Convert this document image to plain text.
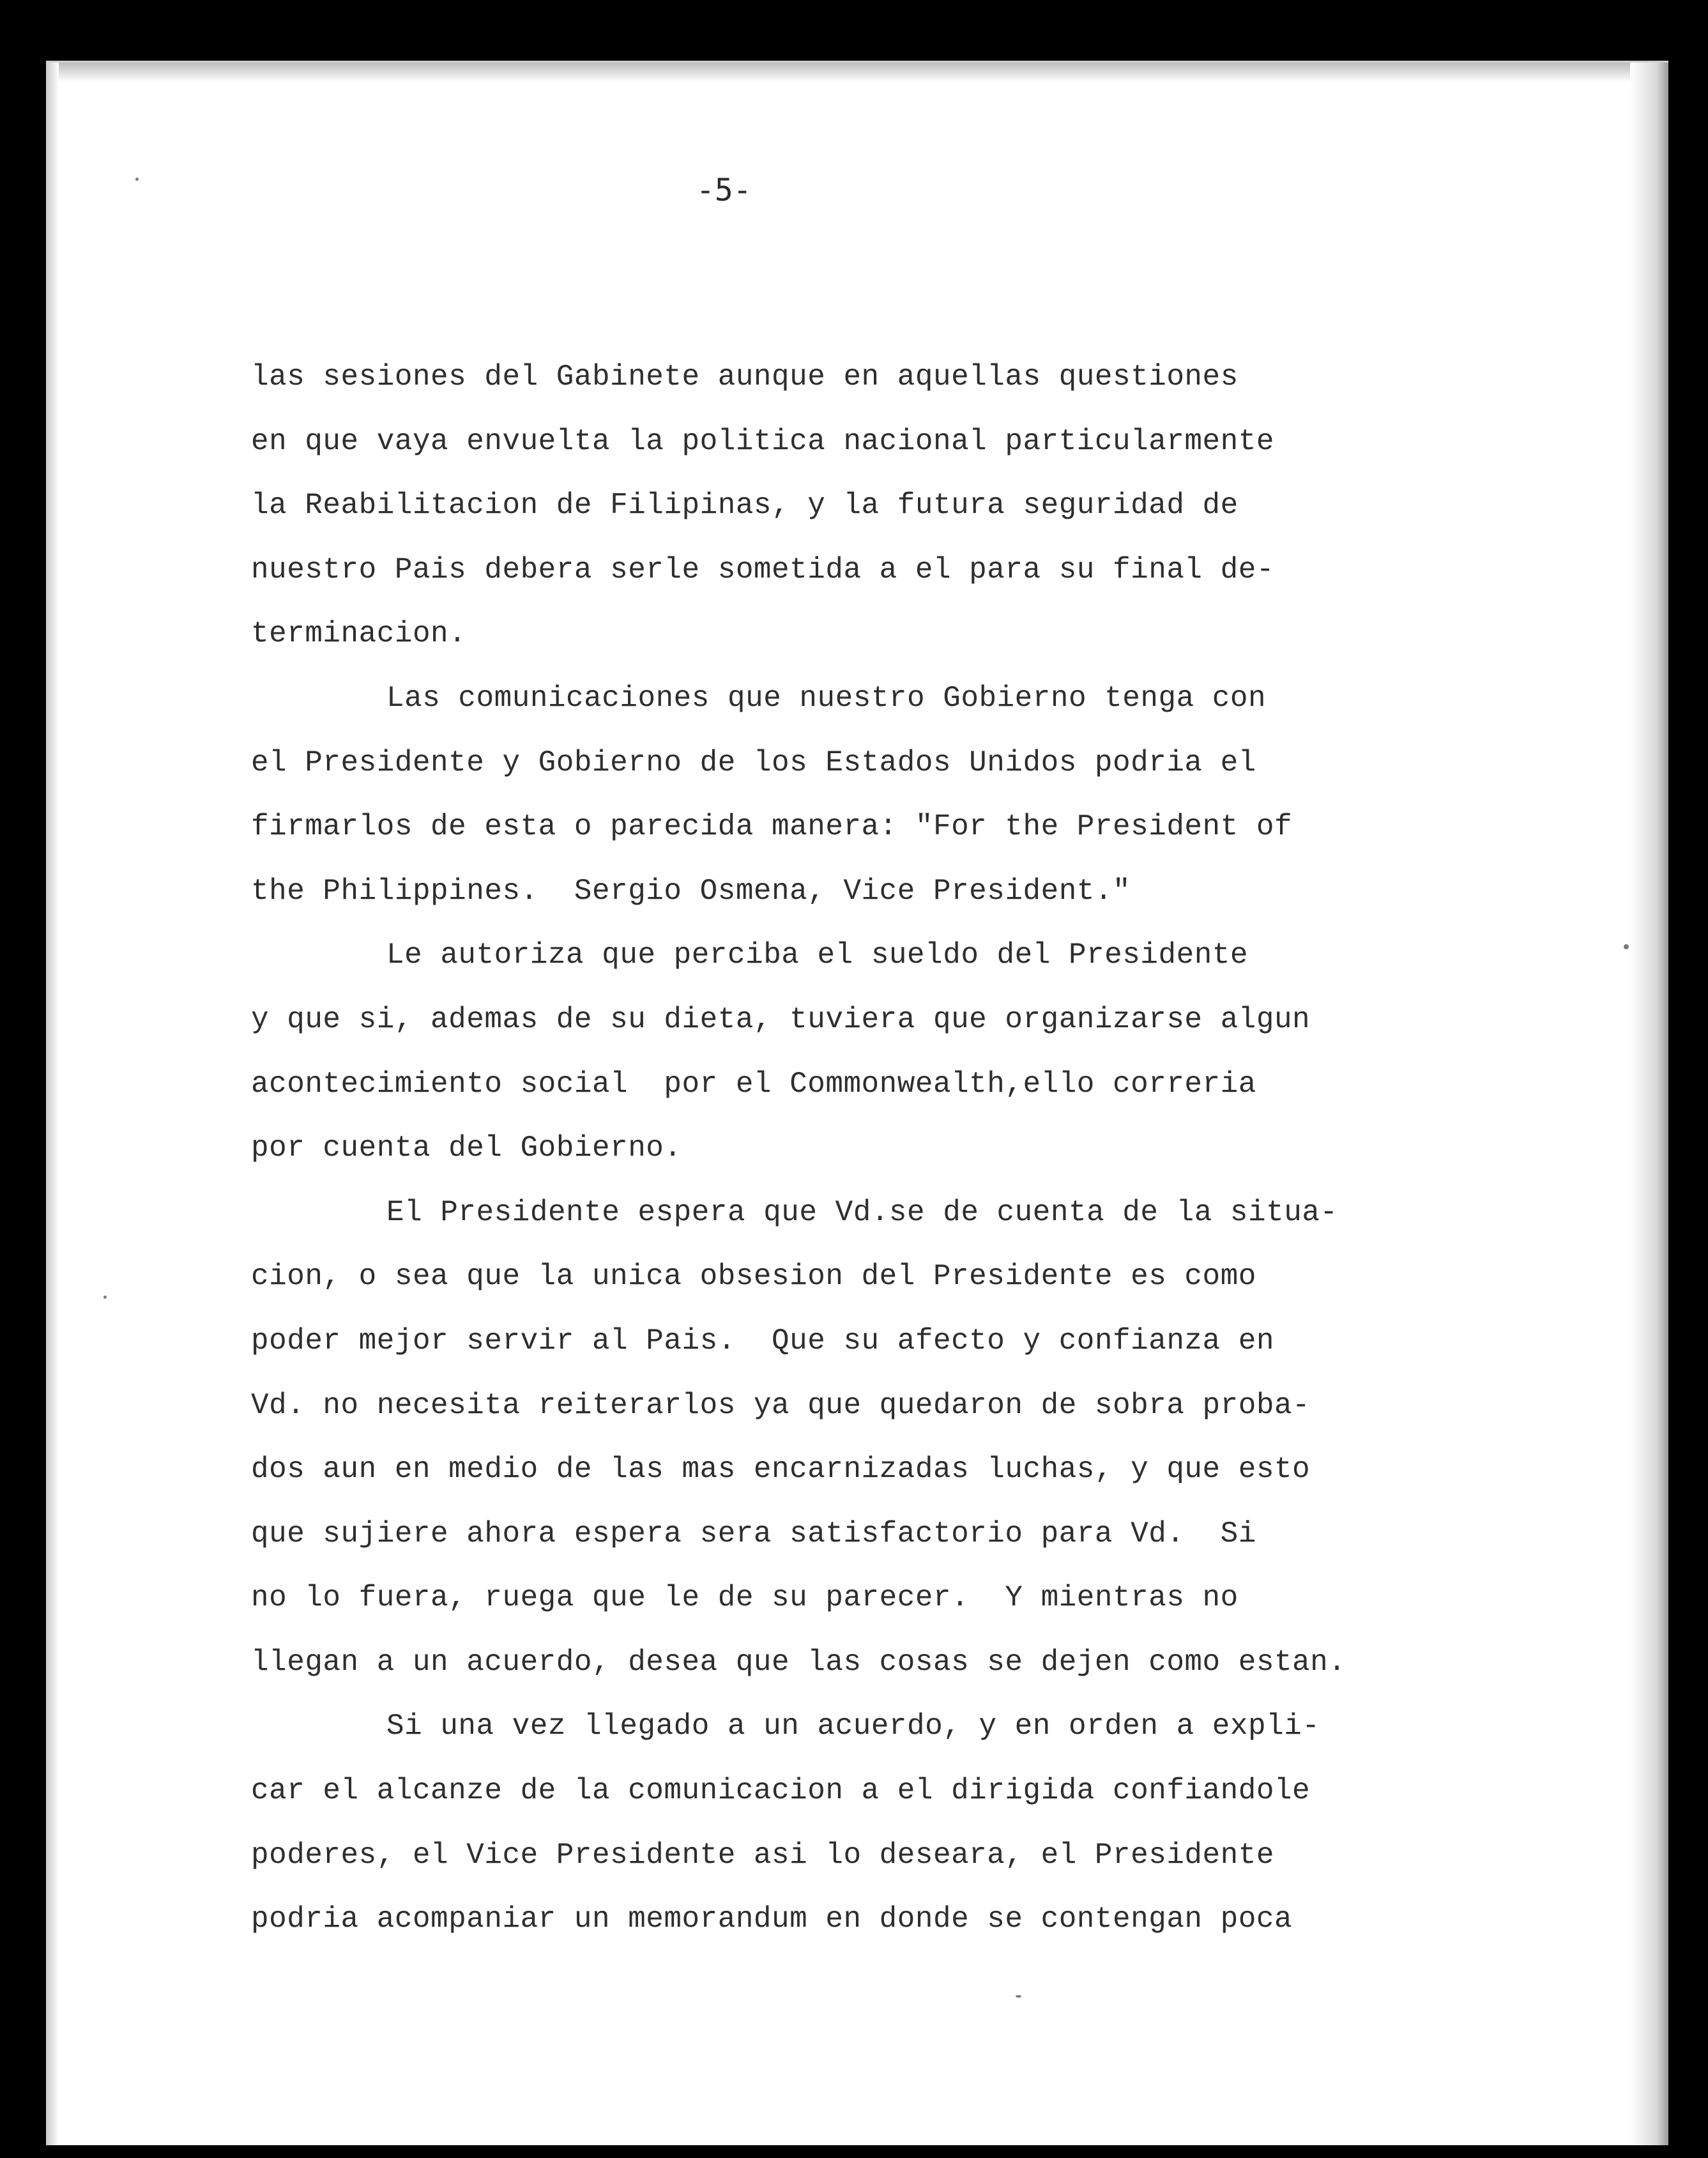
-5-
las sesiones del Gabinete aunque en aquellas questiones
en que vaya envuelta la politica nacional particularmente
la Reabilitacion de Filipinas, y la futura seguridad de
nuestro Pais debera serle sometida a el para su final de-
terminacion.
Las comunicaciones que nuestro Gobierno tenga con
el Presidente y Gobierno de los Estados Unidos podria el
firmarlos de esta o parecida manera: "For the President of
the Philippines.  Sergio Osmena, Vice President."
Le autoriza que perciba el sueldo del Presidente
y que si, ademas de su dieta, tuviera que organizarse algun
acontecimiento social  por el Commonwealth,ello correria
por cuenta del Gobierno.
El Presidente espera que Vd.se de cuenta de la situa-
cion, o sea que la unica obsesion del Presidente es como
poder mejor servir al Pais.  Que su afecto y confianza en
Vd. no necesita reiterarlos ya que quedaron de sobra proba-
dos aun en medio de las mas encarnizadas luchas, y que esto
que sujiere ahora espera sera satisfactorio para Vd.  Si
no lo fuera, ruega que le de su parecer.  Y mientras no
llegan a un acuerdo, desea que las cosas se dejen como estan.
Si una vez llegado a un acuerdo, y en orden a expli-
car el alcanze de la comunicacion a el dirigida confiandole
poderes, el Vice Presidente asi lo deseara, el Presidente
podria acompaniar un memorandum en donde se contengan poca
